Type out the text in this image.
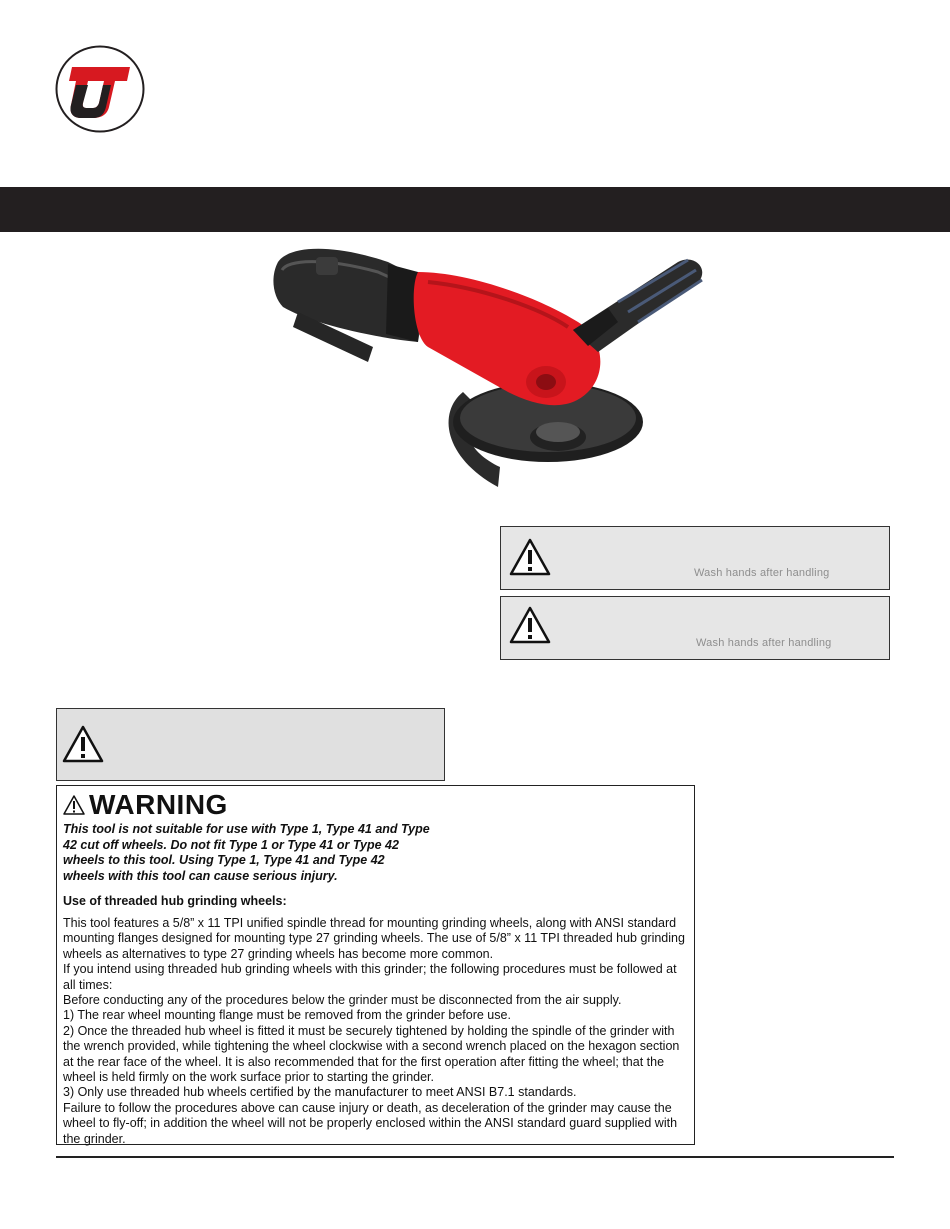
Wash hands after handling
Wash hands after handling
WARNING
This tool is not suitable for use with Type 1, Type 41 and Type
42 cut off wheels. Do not fit Type 1 or Type 41 or Type 42
wheels to this tool. Using Type 1, Type 41 and Type 42
wheels with this tool can cause serious injury.
Use of threaded hub grinding wheels:

This tool features a 5/8” x 11 TPI unified spindle thread for mounting grinding wheels, along with ANSI standard mounting flanges designed for mounting type 27 grinding wheels. The use of 5/8” x 11 TPI threaded hub grinding wheels as alternatives to type 27 grinding wheels has become more common.

If you intend using threaded hub grinding wheels with this grinder; the following procedures must be followed at all times:

Before conducting any of the procedures below the grinder must be disconnected from the air supply.

1) The rear wheel mounting flange must be removed from the grinder before use.

2) Once the threaded hub wheel is fitted it must be securely tightened by holding the spindle of the grinder with the wrench provided, while tightening the wheel clockwise with a second wrench placed on the hexagon section at the rear face of the wheel. It is also recommended that for the first operation after fitting the wheel; that the wheel is held firmly on the work surface prior to starting the grinder.

3) Only use threaded hub wheels certified by the manufacturer to meet ANSI B7.1 standards.

Failure to follow the procedures above can cause injury or death, as deceleration of the grinder may cause the wheel to fly-off; in addition the wheel will not be properly enclosed within the ANSI standard guard supplied with the grinder.
